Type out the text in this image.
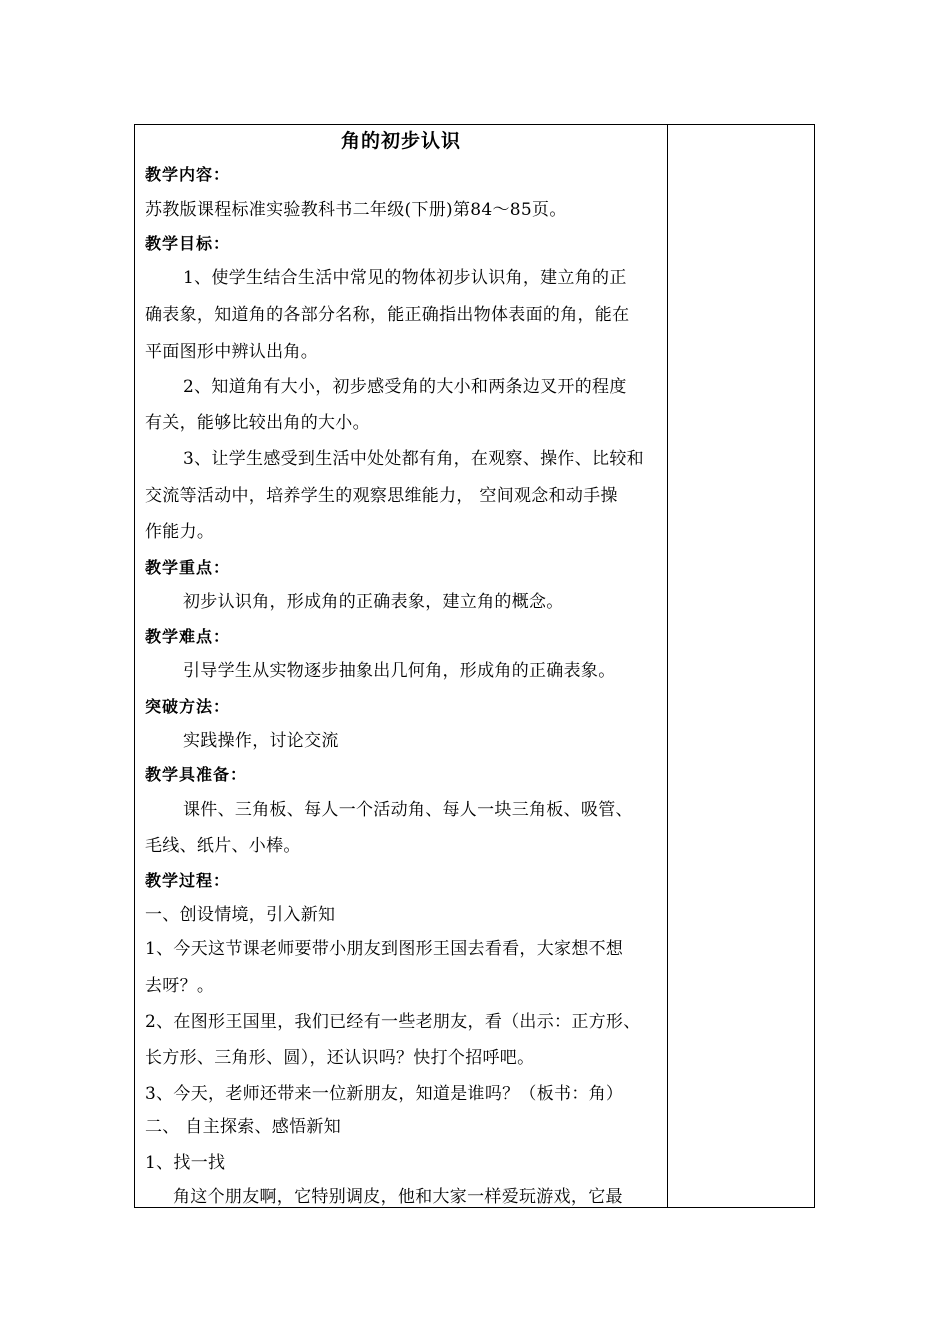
角的初步认识
教学内容：
苏教版课程标准实验教科书二年级(下册)第84～85页。
教学目标：
1、使学生结合生活中常见的物体初步认识角，建立角的正
确表象，知道角的各部分名称，能正确指出物体表面的角，能在
平面图形中辨认出角。
2、知道角有大小，初步感受角的大小和两条边叉开的程度
有关，能够比较出角的大小。
3、让学生感受到生活中处处都有角，在观察、操作、比较和
交流等活动中，培养学生的观察思维能力， 空间观念和动手操
作能力。
教学重点：
初步认识角，形成角的正确表象，建立角的概念。
教学难点：
引导学生从实物逐步抽象出几何角，形成角的正确表象。
突破方法：
实践操作，讨论交流
教学具准备：
课件、三角板、每人一个活动角、每人一块三角板、吸管、
毛线、纸片、小棒。
教学过程：
一、创设情境，引入新知
1、今天这节课老师要带小朋友到图形王国去看看，大家想不想
去呀？。
2、在图形王国里，我们已经有一些老朋友，看（出示：正方形、
长方形、三角形、圆），还认识吗？快打个招呼吧。
3、今天，老师还带来一位新朋友，知道是谁吗？（板书：角）
二、 自主探索、感悟新知
1、找一找
角这个朋友啊，它特别调皮，他和大家一样爱玩游戏，它最
